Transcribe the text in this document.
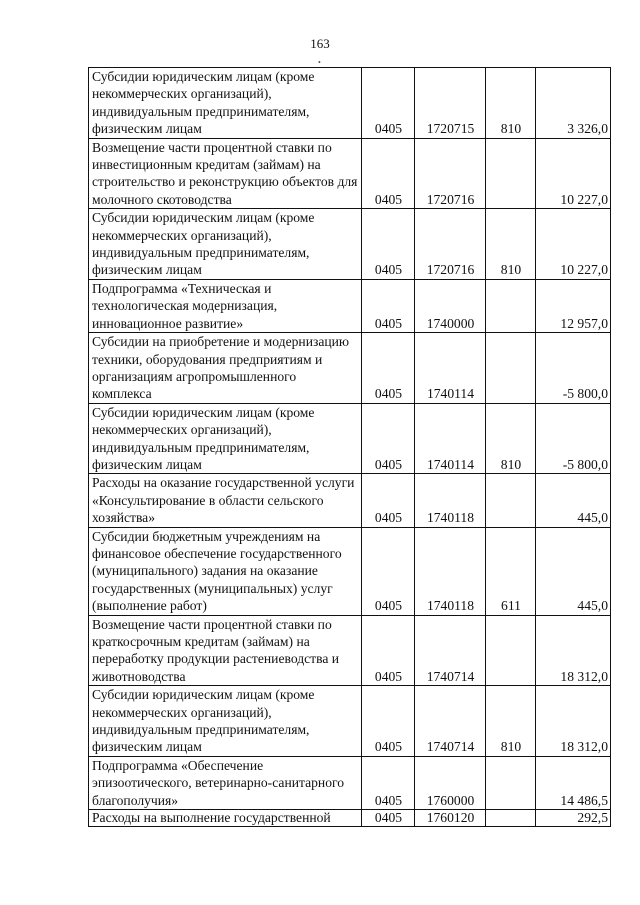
163
•
Субсидии юридическим лицам (кроме некоммерческих организаций), индивидуальным предпринимателям, физическим лицам	0405	1720715	810	3 326,0
Возмещение части процентной ставки по инвестиционным кредитам (займам) на строительство и реконструкцию объектов для молочного скотоводства	0405	1720716		10 227,0
Субсидии юридическим лицам (кроме некоммерческих организаций), индивидуальным предпринимателям, физическим лицам	0405	1720716	810	10 227,0
Подпрограмма «Техническая и технологическая модернизация, инновационное развитие»	0405	1740000		12 957,0
Субсидии на приобретение и модернизацию техники, оборудования предприятиям и организациям агропромышленного комплекса	0405	1740114		-5 800,0
Субсидии юридическим лицам (кроме некоммерческих организаций), индивидуальным предпринимателям, физическим лицам	0405	1740114	810	-5 800,0
Расходы на оказание государственной услуги «Консультирование в области сельского хозяйства»	0405	1740118		445,0
Субсидии бюджетным учреждениям на финансовое обеспечение государственного (муниципального) задания на оказание государственных (муниципальных) услуг (выполнение работ)	0405	1740118	611	445,0
Возмещение части процентной ставки по краткосрочным кредитам (займам) на переработку продукции растениеводства и животноводства	0405	1740714		18 312,0
Субсидии юридическим лицам (кроме некоммерческих организаций), индивидуальным предпринимателям, физическим лицам	0405	1740714	810	18 312,0
Подпрограмма «Обеспечение эпизоотического, ветеринарно-санитарного благополучия»	0405	1760000		14 486,5
Расходы на выполнение государственной	0405	1760120		292,5
